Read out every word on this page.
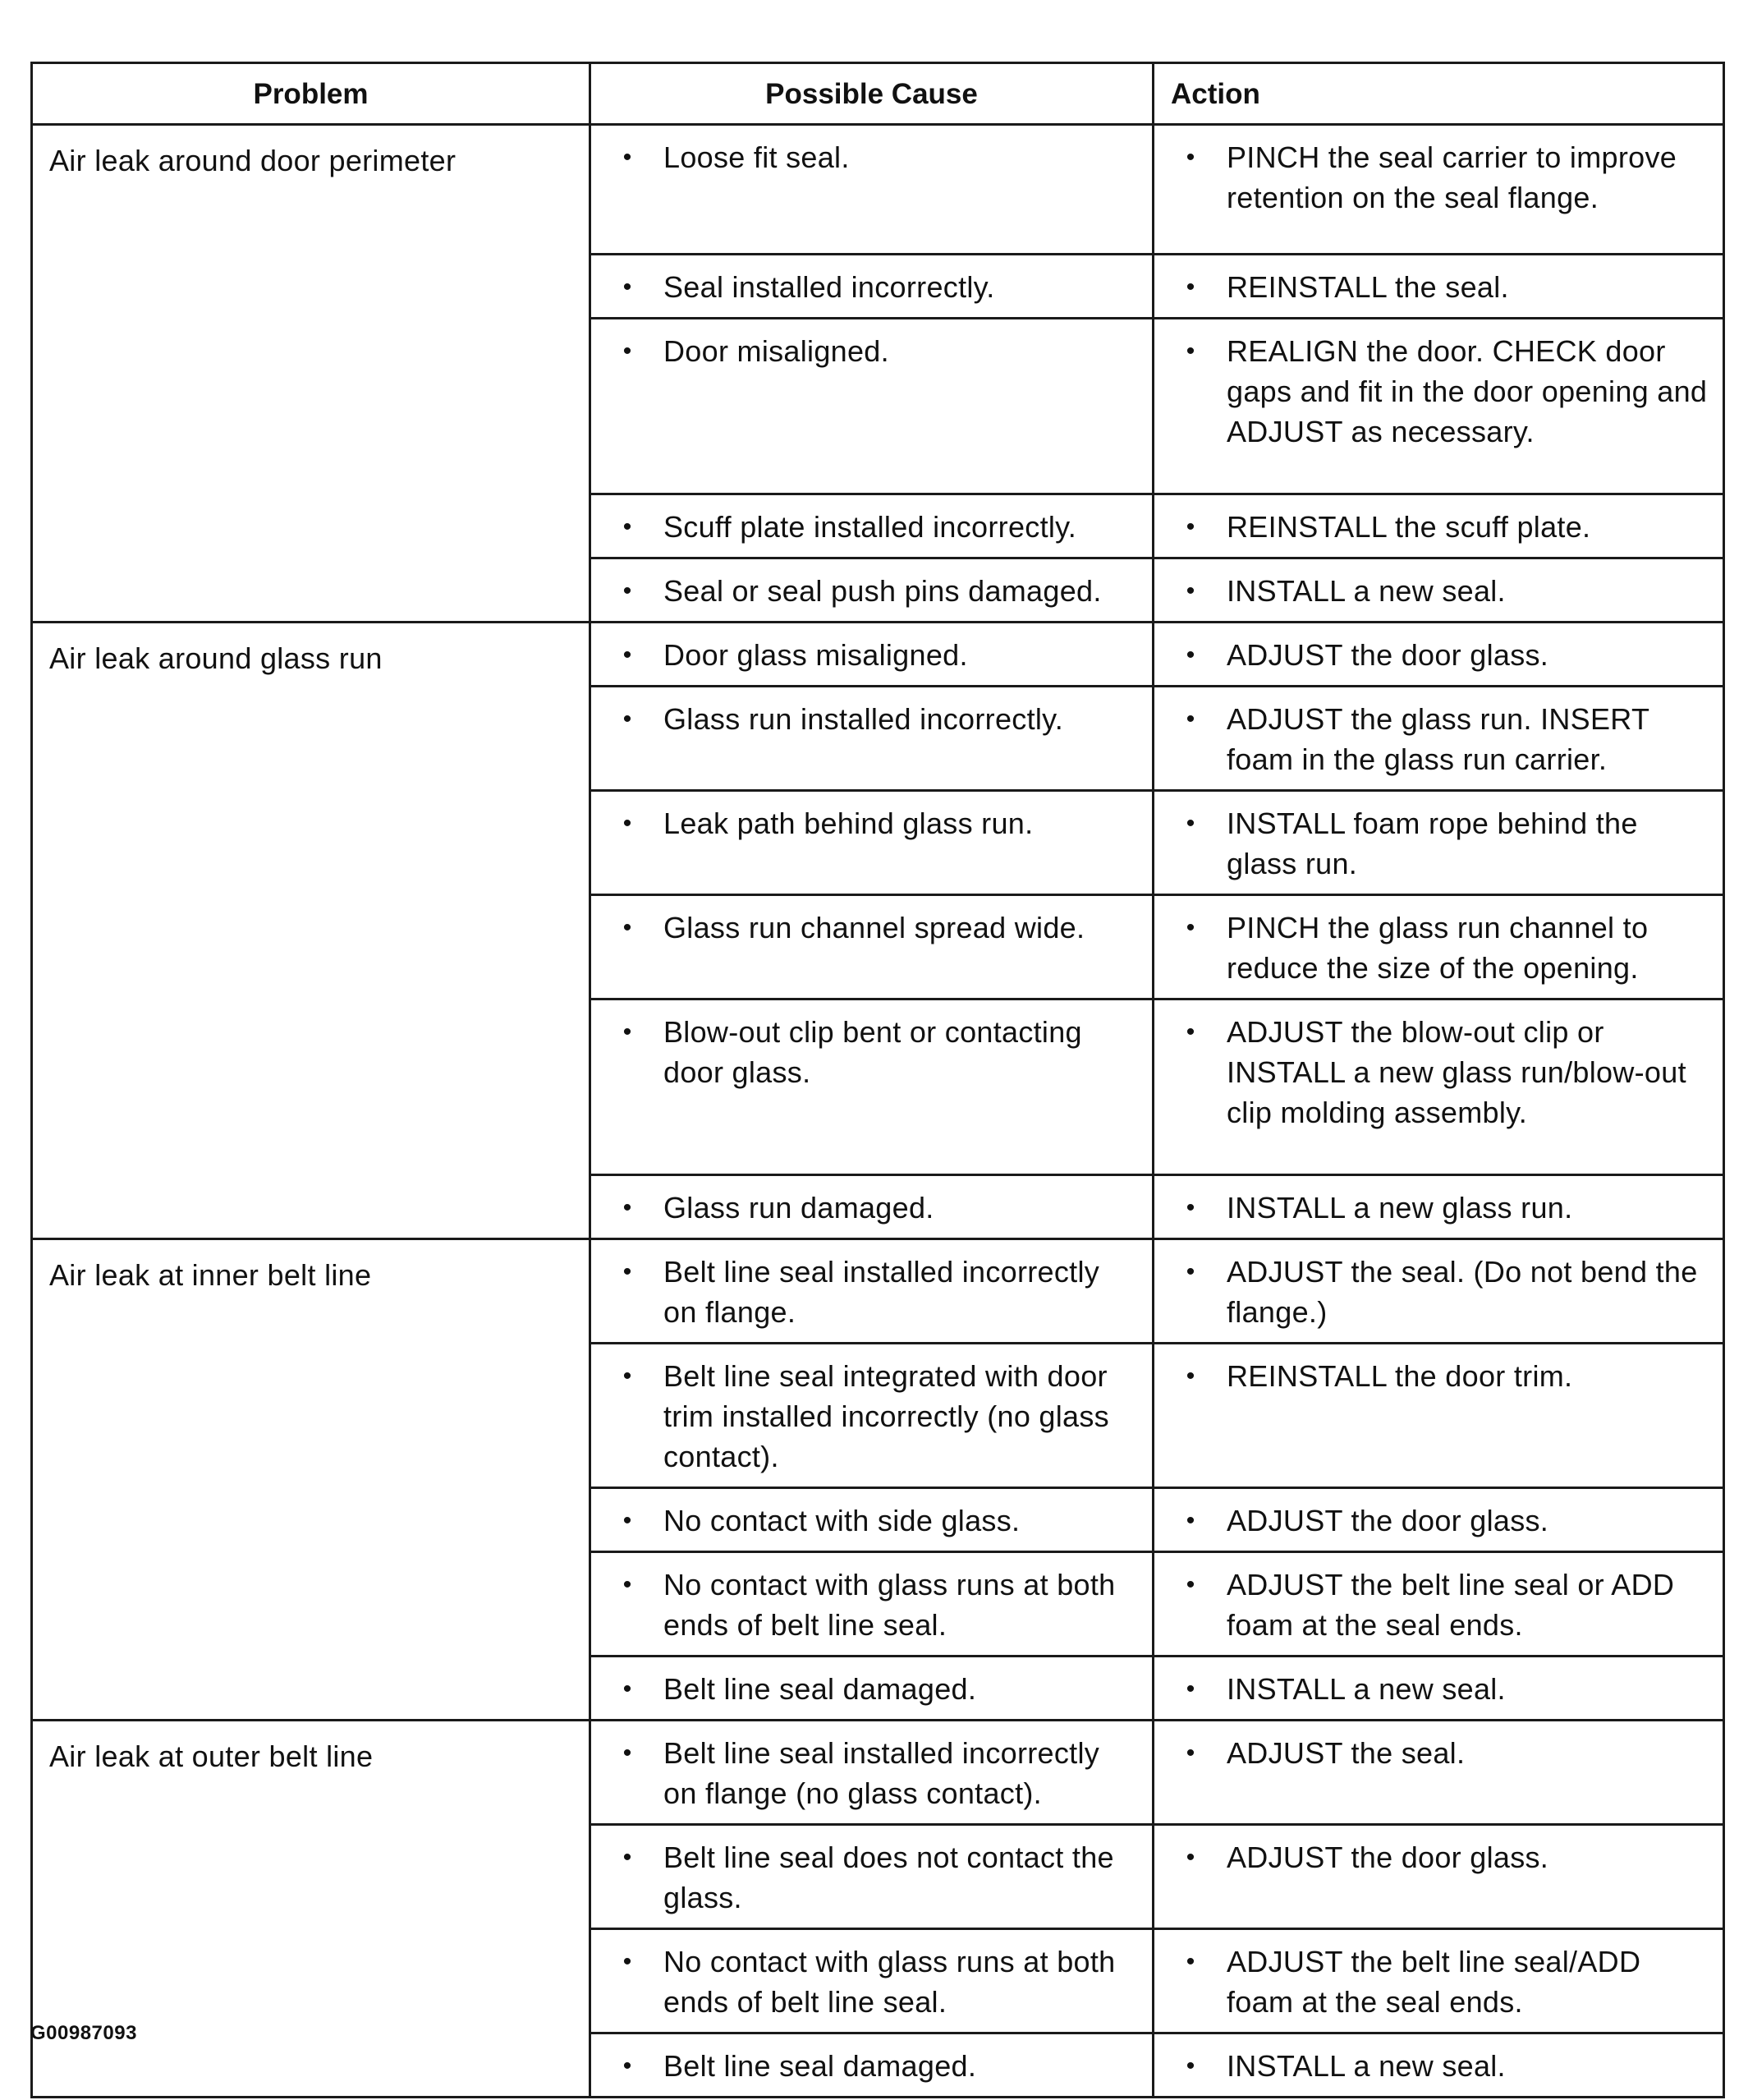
Problem	Possible Cause	Action
Air leak around door perimeter	• Loose fit seal.	• PINCH the seal carrier to improve retention on the seal flange.

	• Seal installed incorrectly.	• REINSTALL the seal.

	• Door misaligned.	• REALIGN the door. CHECK door gaps and fit in the door opening and ADJUST as necessary.

	• Scuff plate installed incorrectly.	• REINSTALL the scuff plate.

	• Seal or seal push pins damaged.	• INSTALL a new seal.

Air leak around glass run	• Door glass misaligned.	• ADJUST the door glass.

	• Glass run installed incorrectly.	• ADJUST the glass run. INSERT foam in the glass run carrier.

	• Leak path behind glass run.	• INSTALL foam rope behind the glass run.

	• Glass run channel spread wide.	• PINCH the glass run channel to reduce the size of the opening.

	• Blow-out clip bent or contacting door glass.	• ADJUST the blow-out clip or INSTALL a new glass run/blow-out clip molding assembly.

	• Glass run damaged.	• INSTALL a new glass run.

Air leak at inner belt line	• Belt line seal installed incorrectly on flange.	• ADJUST the seal. (Do not bend the flange.)

	• Belt line seal integrated with door trim installed incorrectly (no glass contact).	• REINSTALL the door trim.

	• No contact with side glass.	• ADJUST the door glass.

	• No contact with glass runs at both ends of belt line seal.	• ADJUST the belt line seal or ADD foam at the seal ends.

	• Belt line seal damaged.	• INSTALL a new seal.

Air leak at outer belt line	• Belt line seal installed incorrectly on flange (no glass contact).	• ADJUST the seal.

	• Belt line seal does not contact the glass.	• ADJUST the door glass.

	• No contact with glass runs at both ends of belt line seal.	• ADJUST the belt line seal/ADD foam at the seal ends.

	• Belt line seal damaged.	• INSTALL a new seal.
G00987093
